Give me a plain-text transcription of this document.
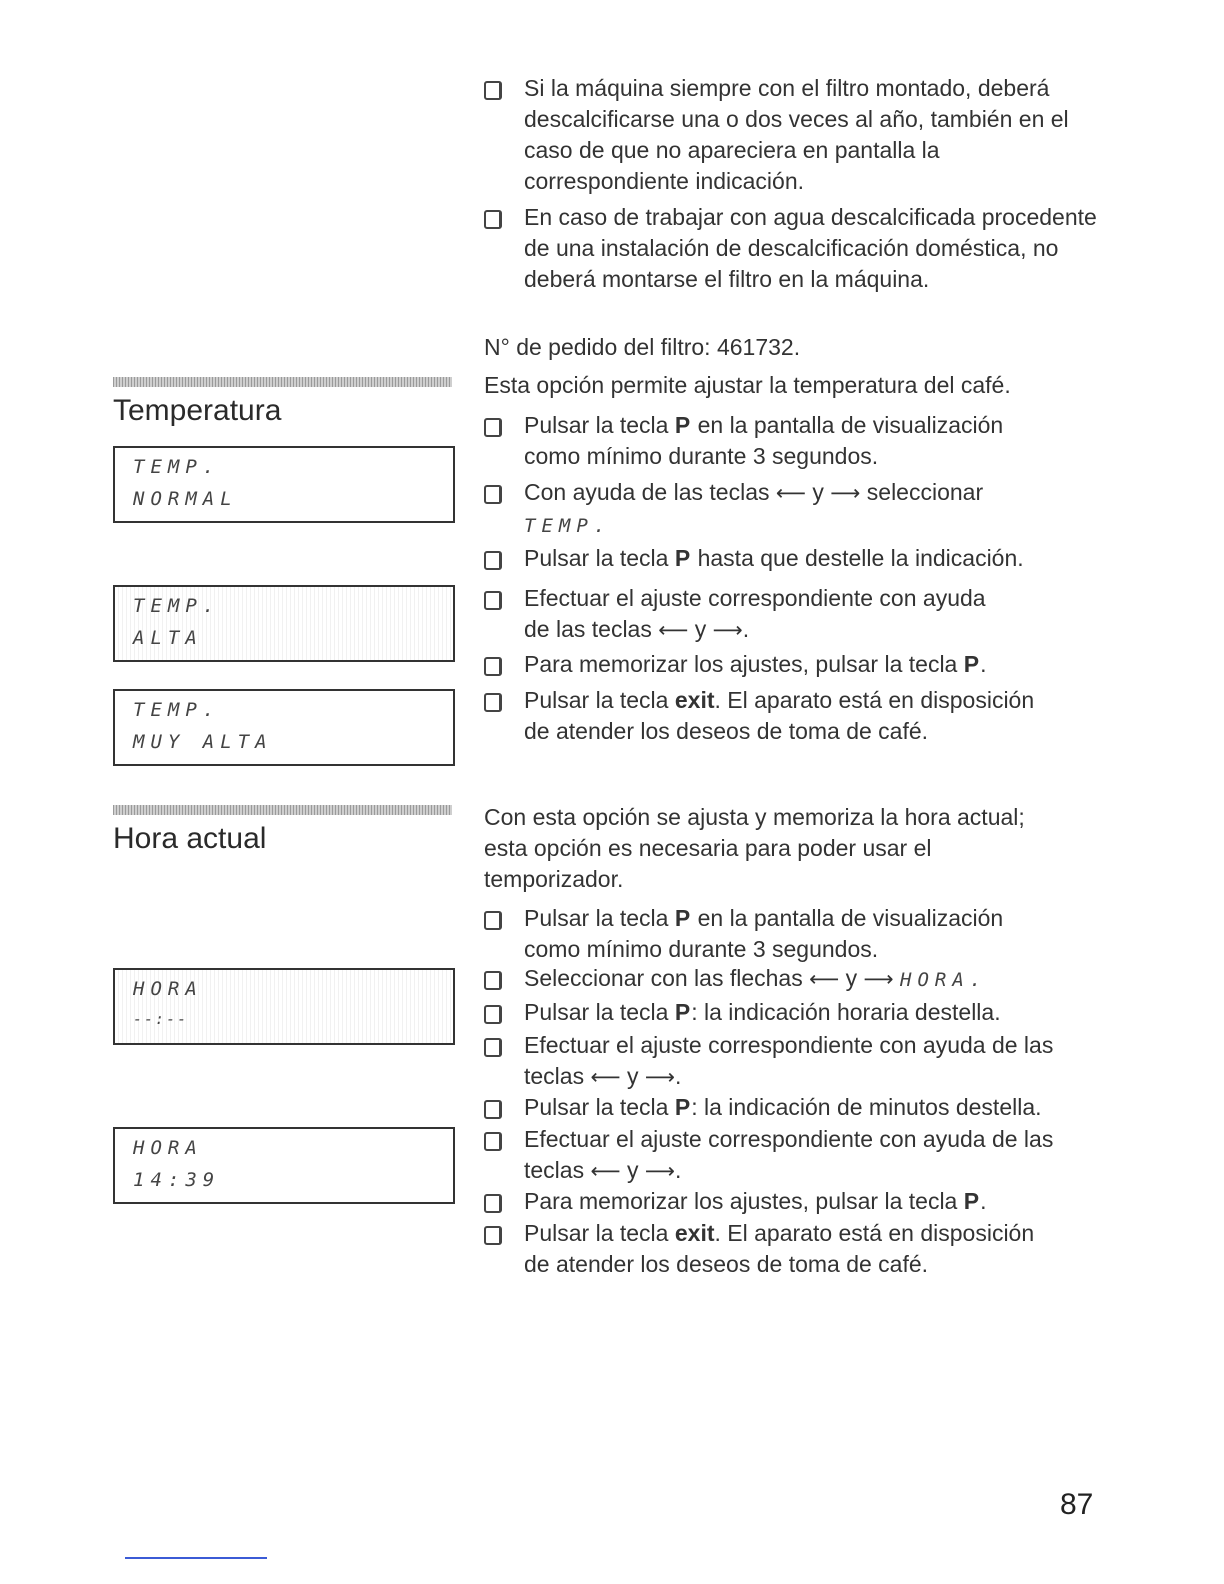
Si la máquina siempre con el filtro montado, deberá descalcificarse una o dos veces al año, también en el caso de que no apareciera en pantalla la correspondiente indicación.
En caso de trabajar con agua descalcificada procedente de una instalación de descalcificación doméstica, no deberá montarse el filtro en la máquina.
N° de pedido del filtro: 461732.
Temperatura
Esta opción permite ajustar la temperatura del café.
TEMP.
NORMAL
TEMP.
ALTA
TEMP.
MUY ALTA
Pulsar la tecla P en la pantalla de visualización
como mínimo durante 3 segundos.
Con ayuda de las teclas ⟵ y ⟶ seleccionar
TEMP.
Pulsar la tecla P hasta que destelle la indicación.
Efectuar el ajuste correspondiente con ayuda
de las teclas ⟵ y ⟶.
Para memorizar los ajustes, pulsar la tecla P.
Pulsar la tecla exit. El aparato está en disposición
de atender los deseos de toma de café.
Hora actual
Con esta opción se ajusta y memoriza la hora actual;
esta opción es necesaria para poder usar el
temporizador.
HORA
--:--
HORA
14:39
Pulsar la tecla P en la pantalla de visualización
como mínimo durante 3 segundos.
Seleccionar con las flechas ⟵ y ⟶ HORA.
Pulsar la tecla P: la indicación horaria destella.
Efectuar el ajuste correspondiente con ayuda de las
teclas ⟵ y ⟶.
Pulsar la tecla P: la indicación de minutos destella.
Efectuar el ajuste correspondiente con ayuda de las
teclas ⟵ y ⟶.
Para memorizar los ajustes, pulsar la tecla P.
Pulsar la tecla exit. El aparato está en disposición
de atender los deseos de toma de café.
87
